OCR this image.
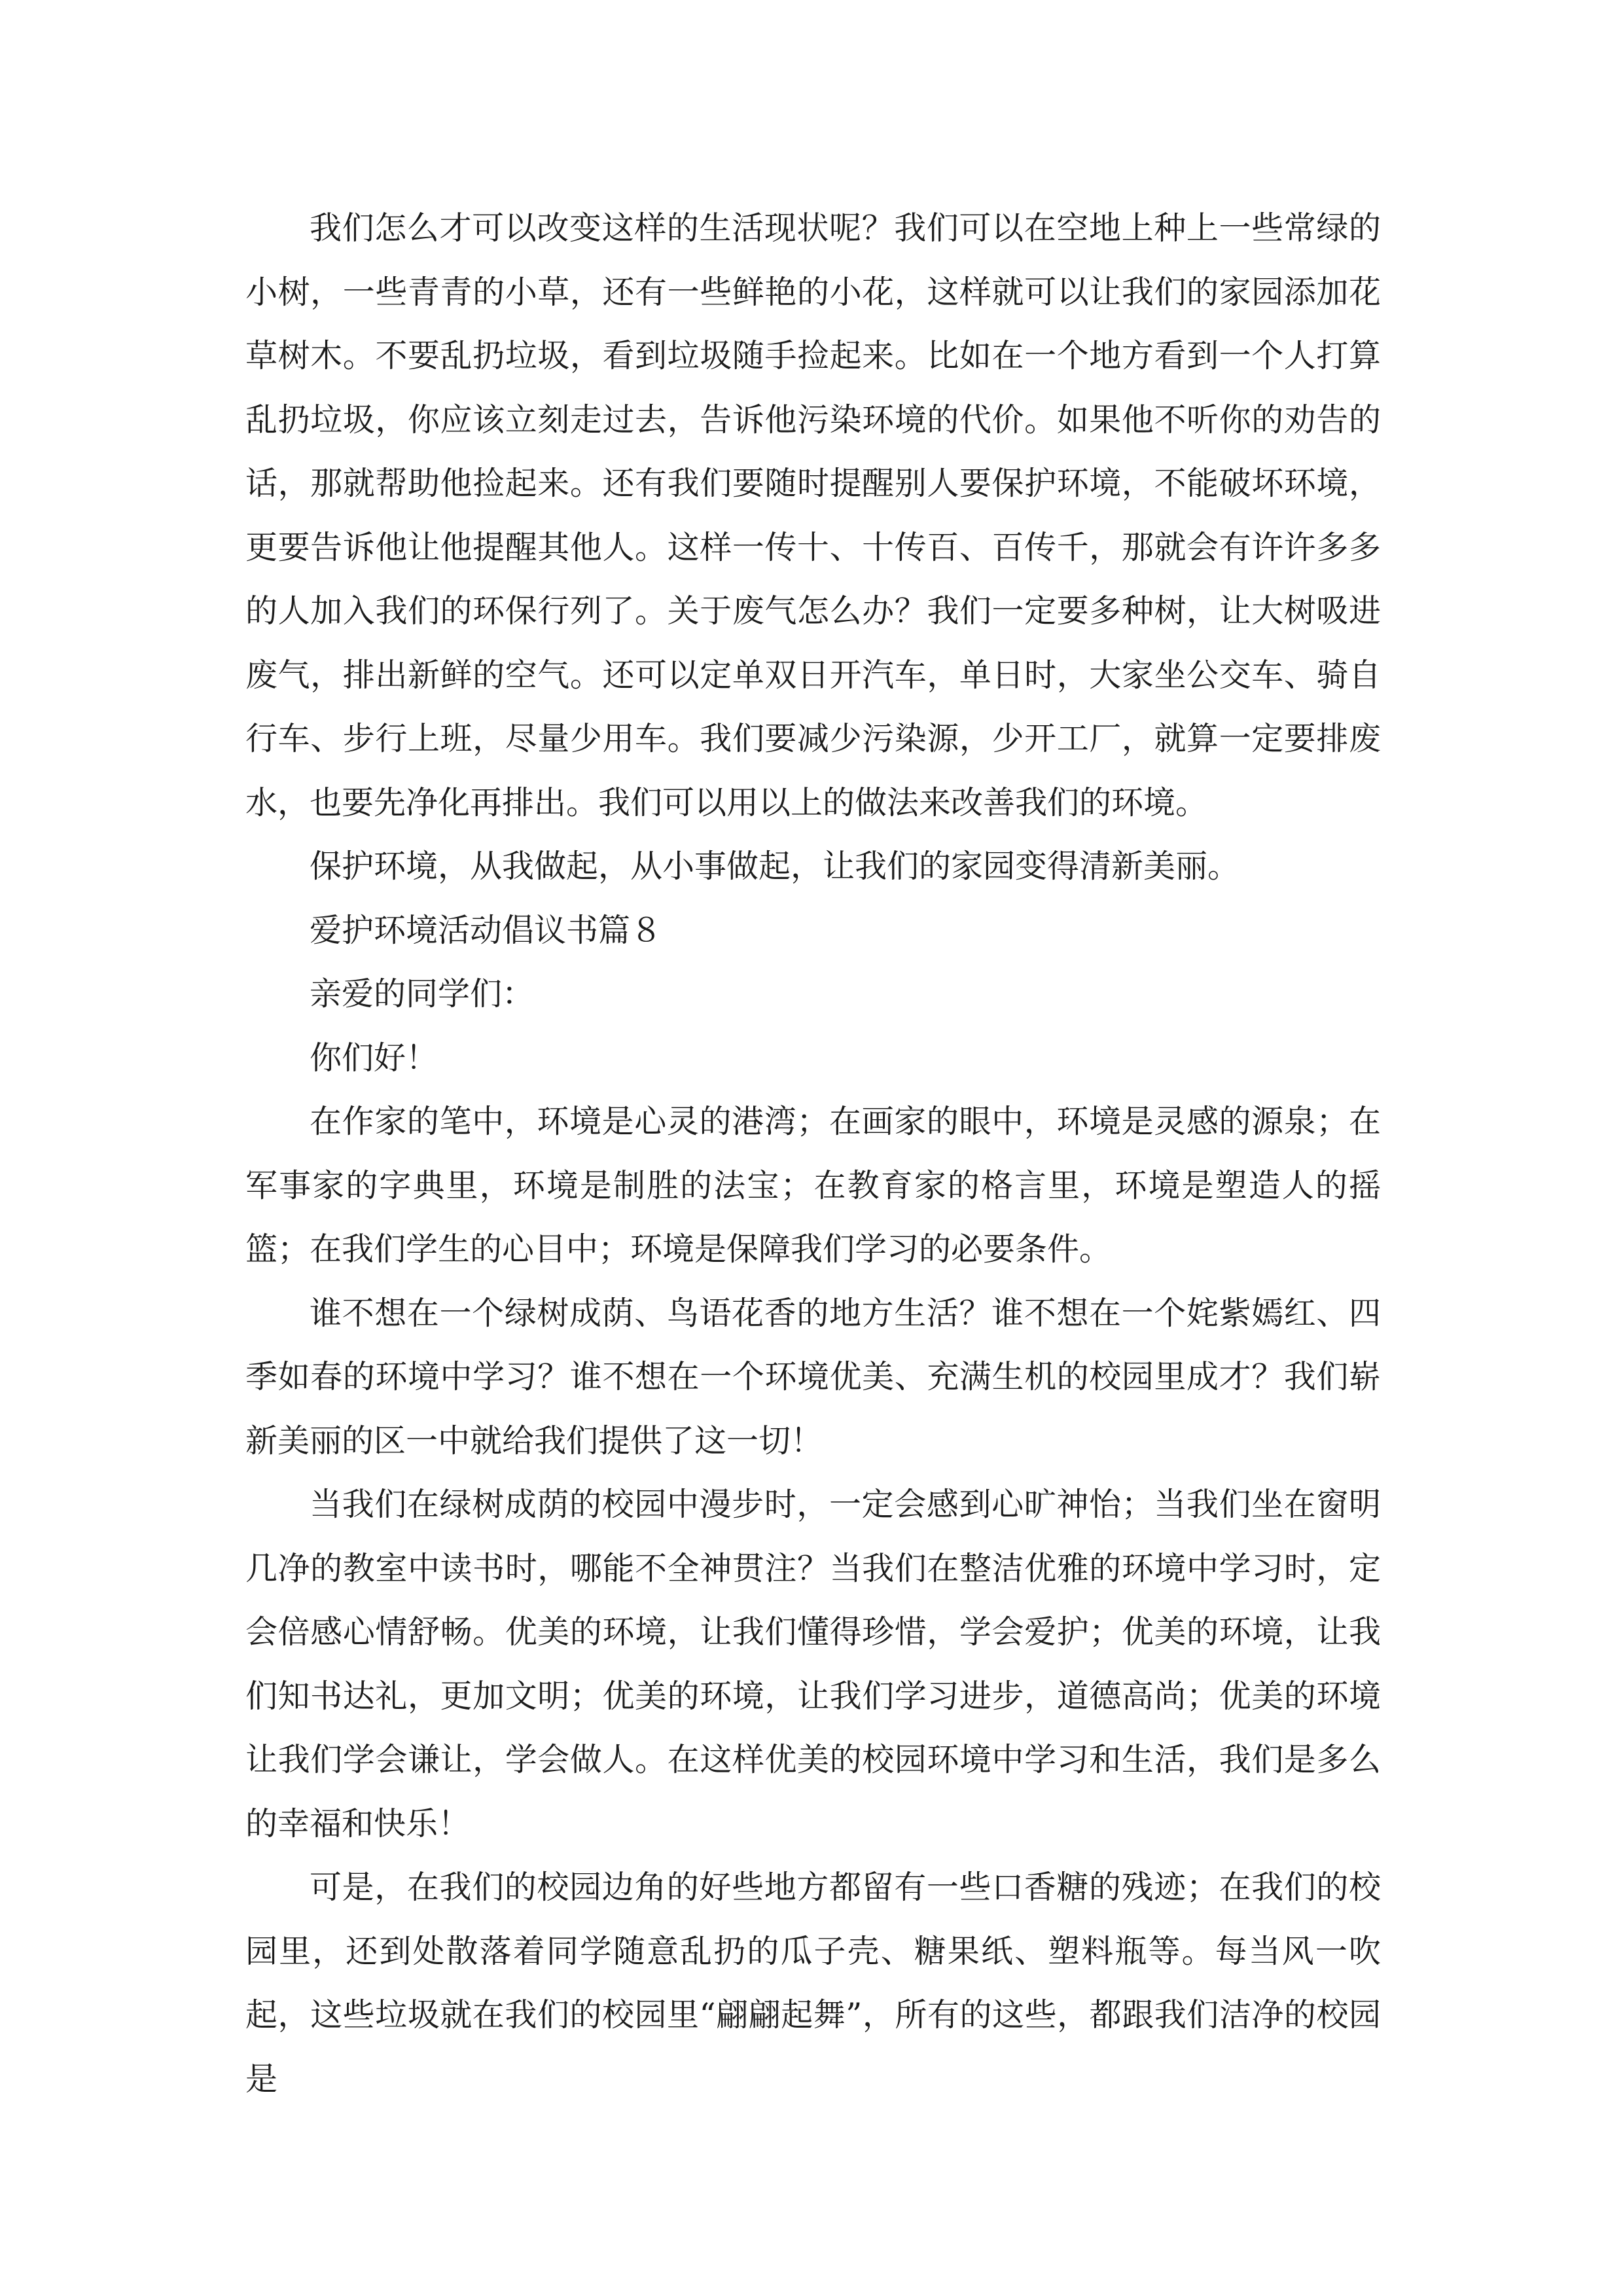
我们怎么才可以改变这样的生活现状呢？我们可以在空地上种上一些常绿的小树，一些青青的小草，还有一些鲜艳的小花，这样就可以让我们的家园添加花草树木。不要乱扔垃圾，看到垃圾随手捡起来。比如在一个地方看到一个人打算乱扔垃圾，你应该立刻走过去，告诉他污染环境的代价。如果他不听你的劝告的话，那就帮助他捡起来。还有我们要随时提醒别人要保护环境，不能破坏环境，更要告诉他让他提醒其他人。这样一传十、十传百、百传千，那就会有许许多多的人加入我们的环保行列了。关于废气怎么办？我们一定要多种树，让大树吸进废气，排出新鲜的空气。还可以定单双日开汽车，单日时，大家坐公交车、骑自行车、步行上班，尽量少用车。我们要减少污染源，少开工厂，就算一定要排废水，也要先净化再排出。我们可以用以上的做法来改善我们的环境。

保护环境，从我做起，从小事做起，让我们的家园变得清新美丽。

爱护环境活动倡议书篇８

亲爱的同学们：

你们好！

在作家的笔中，环境是心灵的港湾；在画家的眼中，环境是灵感的源泉；在军事家的字典里，环境是制胜的法宝；在教育家的格言里，环境是塑造人的摇篮；在我们学生的心目中；环境是保障我们学习的必要条件。

谁不想在一个绿树成荫、鸟语花香的地方生活？谁不想在一个姹紫嫣红、四季如春的环境中学习？谁不想在一个环境优美、充满生机的校园里成才？我们崭新美丽的区一中就给我们提供了这一切！

当我们在绿树成荫的校园中漫步时，一定会感到心旷神怡；当我们坐在窗明几净的教室中读书时，哪能不全神贯注？当我们在整洁优雅的环境中学习时，定会倍感心情舒畅。优美的环境，让我们懂得珍惜，学会爱护；优美的环境，让我们知书达礼，更加文明；优美的环境，让我们学习进步，道德高尚；优美的环境让我们学会谦让，学会做人。在这样优美的校园环境中学习和生活，我们是多么的幸福和快乐！

可是，在我们的校园边角的好些地方都留有一些口香糖的残迹；在我们的校园里，还到处散落着同学随意乱扔的瓜子壳、糖果纸、塑料瓶等。每当风一吹起，这些垃圾就在我们的校园里“翩翩起舞”，所有的这些，都跟我们洁净的校园是
